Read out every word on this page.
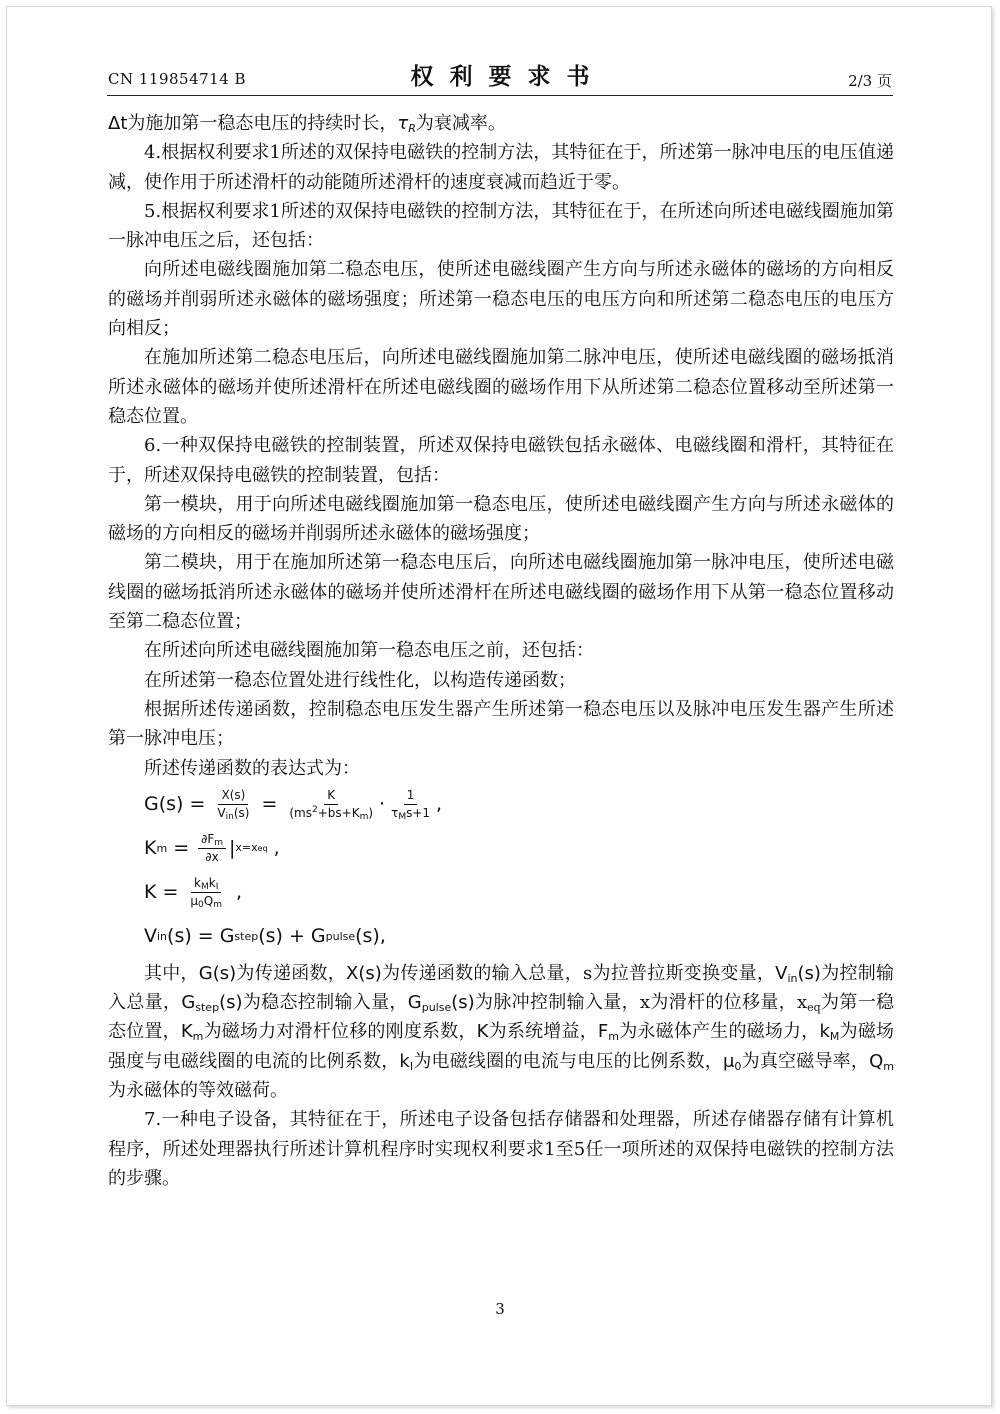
CN 119854714 B	权利要求书	2/3 页

Δt为施加第一稳态电压的持续时长，$\tau_R$为衰减率。

4.根据权利要求1所述的双保持电磁铁的控制方法，其特征在于，所述第一脉冲电压的电压值递减，使作用于所述滑杆的动能随所述滑杆的速度衰减而趋近于零。

5.根据权利要求1所述的双保持电磁铁的控制方法，其特征在于，在所述向所述电磁线圈施加第一脉冲电压之后，还包括：

向所述电磁线圈施加第二稳态电压，使所述电磁线圈产生方向与所述永磁体的磁场的方向相反的磁场并削弱所述永磁体的磁场强度；所述第一稳态电压的电压方向和所述第二稳态电压的电压方向相反；

在施加所述第二稳态电压后，向所述电磁线圈施加第二脉冲电压，使所述电磁线圈的磁场抵消所述永磁体的磁场并使所述滑杆在所述电磁线圈的磁场作用下从所述第二稳态位置移动至所述第一稳态位置。

6.一种双保持电磁铁的控制装置，所述双保持电磁铁包括永磁体、电磁线圈和滑杆，其特征在于，所述双保持电磁铁的控制装置，包括：

第一模块，用于向所述电磁线圈施加第一稳态电压，使所述电磁线圈产生方向与所述永磁体的磁场的方向相反的磁场并削弱所述永磁体的磁场强度；

第二模块，用于在施加所述第一稳态电压后，向所述电磁线圈施加第一脉冲电压，使所述电磁线圈的磁场抵消所述永磁体的磁场并使所述滑杆在所述电磁线圈的磁场作用下从第一稳态位置移动至第二稳态位置；

在所述向所述电磁线圈施加第一稳态电压之前，还包括：

在所述第一稳态位置处进行线性化，以构造传递函数；

根据所述传递函数，控制稳态电压发生器产生所述第一稳态电压以及脉冲电压发生器产生所述第一脉冲电压；

所述传递函数的表达式为：

$G(s) = \frac{X(s)}{V_{in}(s)} = \frac{K}{(ms^2+bs+K_m)} \cdot \frac{1}{\tau_Ms+1}$ ,
K $m = \frac{\partial F_m}{\partial x}$ | x=xeq ,
$K = \frac{k_Mk_I}{\mu_0Q_m}$ ,
V in (s) = G step (s) + G pulse (s) ,

其中，G(s)为传递函数，X(s)为传递函数的输入总量，s为拉普拉斯变换变量，$V_{in}(s)$为控制输入总量，$G_{step}(s)$为稳态控制输入量，$G_{pulse}(s)$为脉冲控制输入量，x为滑杆的位移量，$x_{eq}$为第一稳态位置，$K_m$为磁场力对滑杆位移的刚度系数，K为系统增益，$F_m$为永磁体产生的磁场力，$k_M$为磁场强度与电磁线圈的电流的比例系数，$k_I$为电磁线圈的电流与电压的比例系数，$\mu_0$为真空磁导率，$Q_m$为永磁体的等效磁荷。

7.一种电子设备，其特征在于，所述电子设备包括存储器和处理器，所述存储器存储有计算机程序，所述处理器执行所述计算机程序时实现权利要求1至5任一项所述的双保持电磁铁的控制方法的步骤。

3
